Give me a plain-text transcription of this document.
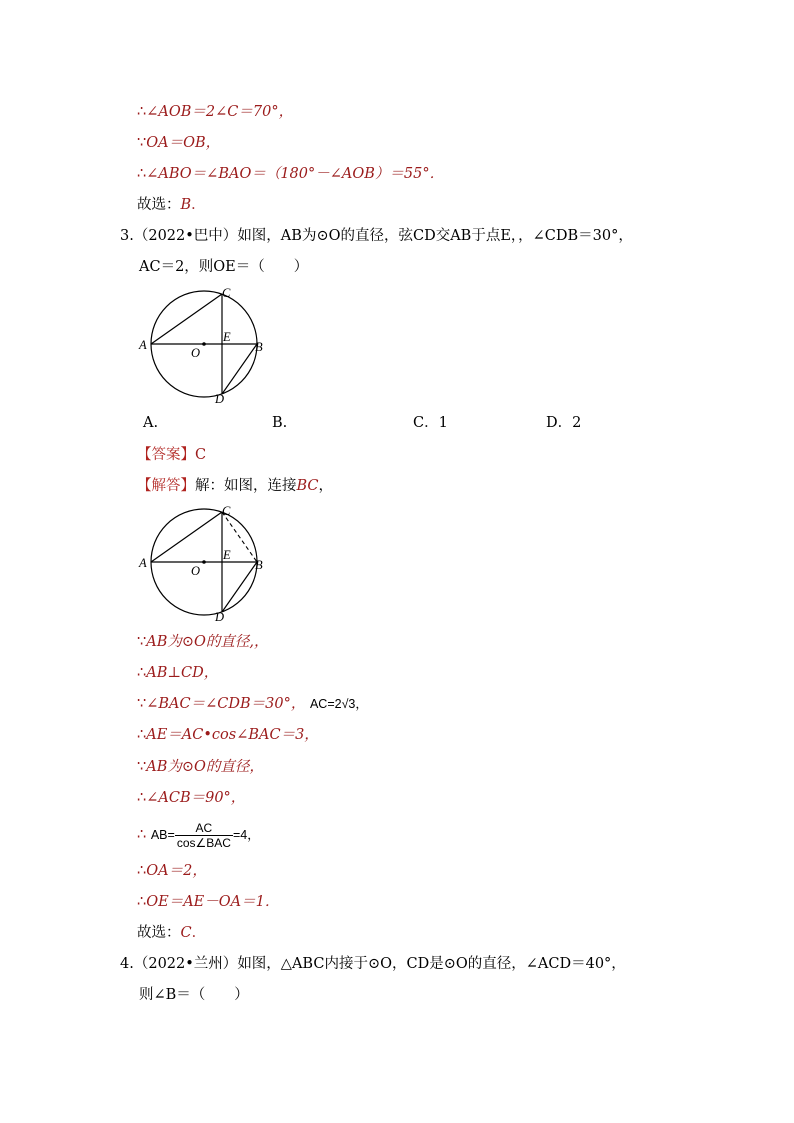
∴∠AOB＝2∠C＝70°，
∵OA＝OB，
∴∠ABO＝∠BAO＝（180°－∠AOB）＝55°．
故选：B．
3.（2022•巴中）如图，AB为⊙O的直径，弦CD交AB于点E，，∠CDB＝30°，
AC＝2，则OE＝（　　）
A	B
C
D
E
O
A.	B.	C．1	D．2
【答案】C
【解答】解：如图，连接BC，
A	B
C
D
E
O
∵AB为⊙O的直径,，
∴AB⊥CD，
∵∠BAC＝∠CDB＝30°， AC=2√3，
∴AE＝AC•cos∠BAC＝3，
∵AB为⊙O的直径，
∴∠ACB＝90°，
∴ $AB= \frac{AC}{\text{cos∠BAC}} =4$，
∴OA＝2，
∴OE＝AE－OA＝1．
故选：C．
4.（2022•兰州）如图，△ABC内接于⊙O，CD是⊙O的直径，∠ACD＝40°，
则∠B＝（　　）
